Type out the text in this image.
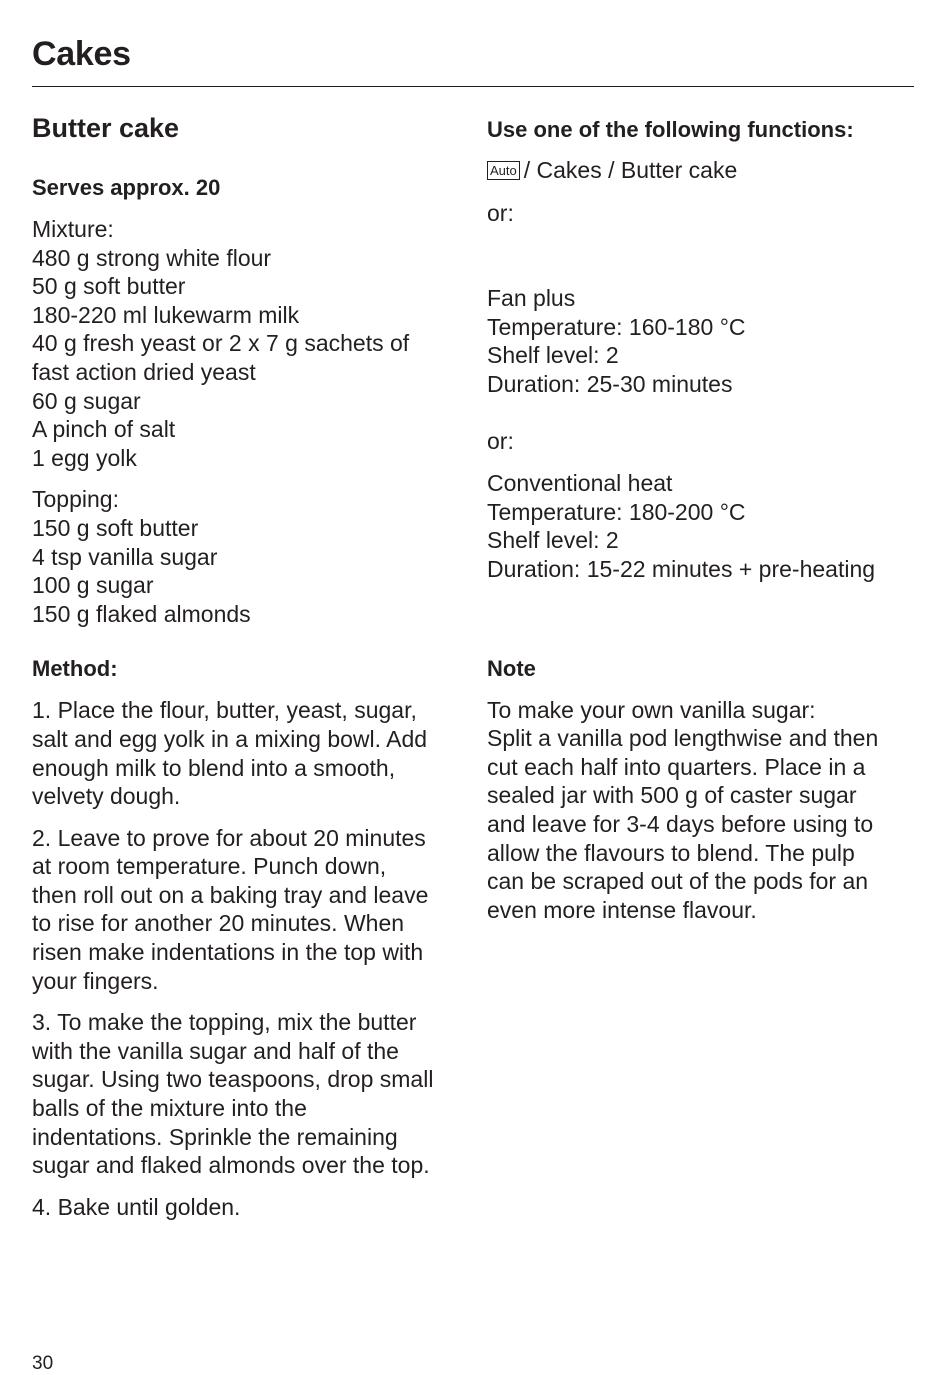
Cakes
Butter cake
Serves approx. 20
Mixture:
480 g strong white flour
50 g soft butter
180-220 ml lukewarm milk
40 g fresh yeast or 2 x 7 g sachets of
fast action dried yeast
60 g sugar
A pinch of salt
1 egg yolk
Topping:
150 g soft butter
4 tsp vanilla sugar
100 g sugar
150 g flaked almonds
Method:
1. Place the flour, butter, yeast, sugar,
salt and egg yolk in a mixing bowl. Add
enough milk to blend into a smooth,
velvety dough.
2. Leave to prove for about 20 minutes
at room temperature. Punch down,
then roll out on a baking tray and leave
to rise for another 20 minutes. When
risen make indentations in the top with
your fingers.
3. To make the topping, mix the butter
with the vanilla sugar and half of the
sugar. Using two teaspoons, drop small
balls of the mixture into the
indentations. Sprinkle the remaining
sugar and flaked almonds over the top.
4. Bake until golden.
Use one of the following functions:
Auto / Cakes / Butter cake
or:
Fan plus
Temperature: 160-180 °C
Shelf level: 2
Duration: 25-30 minutes
or:
Conventional heat
Temperature: 180-200 °C
Shelf level: 2
Duration: 15-22 minutes + pre-heating
Note
To make your own vanilla sugar:
Split a vanilla pod lengthwise and then
cut each half into quarters. Place in a
sealed jar with 500 g of caster sugar
and leave for 3-4 days before using to
allow the flavours to blend. The pulp
can be scraped out of the pods for an
even more intense flavour.
30
